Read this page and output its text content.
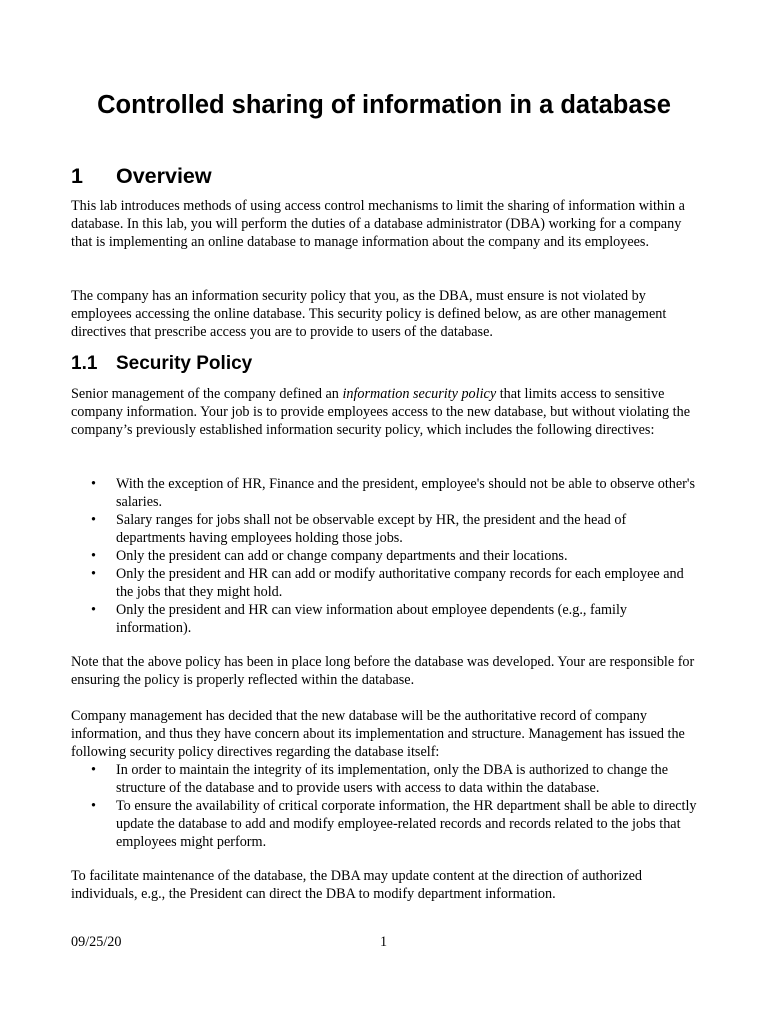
Controlled sharing of information in a database
1 Overview

This lab introduces methods of using access control mechanisms to limit the sharing of information within a database. In this lab, you will perform the duties of a database administrator (DBA) working for a company that is implementing an online database to manage information about the company and its employees.

The company has an information security policy that you, as the DBA, must ensure is not violated by employees accessing the online database. This security policy is defined below, as are other management directives that prescribe access you are to provide to users of the database.

1.1 Security Policy

Senior management of the company defined an information security policy that limits access to sensitive company information. Your job is to provide employees access to the new database, but without violating the company’s previously established information security policy, which includes the following directives:

• With the exception of HR, Finance and the president, employee's should not be able to observe other's salaries.
• Salary ranges for jobs shall not be observable except by HR, the president and the head of departments having employees holding those jobs.
• Only the president can add or change company departments and their locations.
• Only the president and HR can add or modify authoritative company records for each employee and the jobs that they might hold.
• Only the president and HR can view information about employee dependents (e.g., family information).

Note that the above policy has been in place long before the database was developed. Your are responsible for ensuring the policy is properly reflected within the database.

Company management has decided that the new database will be the authoritative record of company information, and thus they have concern about its implementation and structure. Management has issued the following security policy directives regarding the database itself:

• In order to maintain the integrity of its implementation, only the DBA is authorized to change the structure of the database and to provide users with access to data within the database.
• To ensure the availability of critical corporate information, the HR department shall be able to directly update the database to add and modify employee-related records and records related to the jobs that employees might perform.

To facilitate maintenance of the database, the DBA may update content at the direction of authorized individuals, e.g., the President can direct the DBA to modify department information.

09/25/20	1
